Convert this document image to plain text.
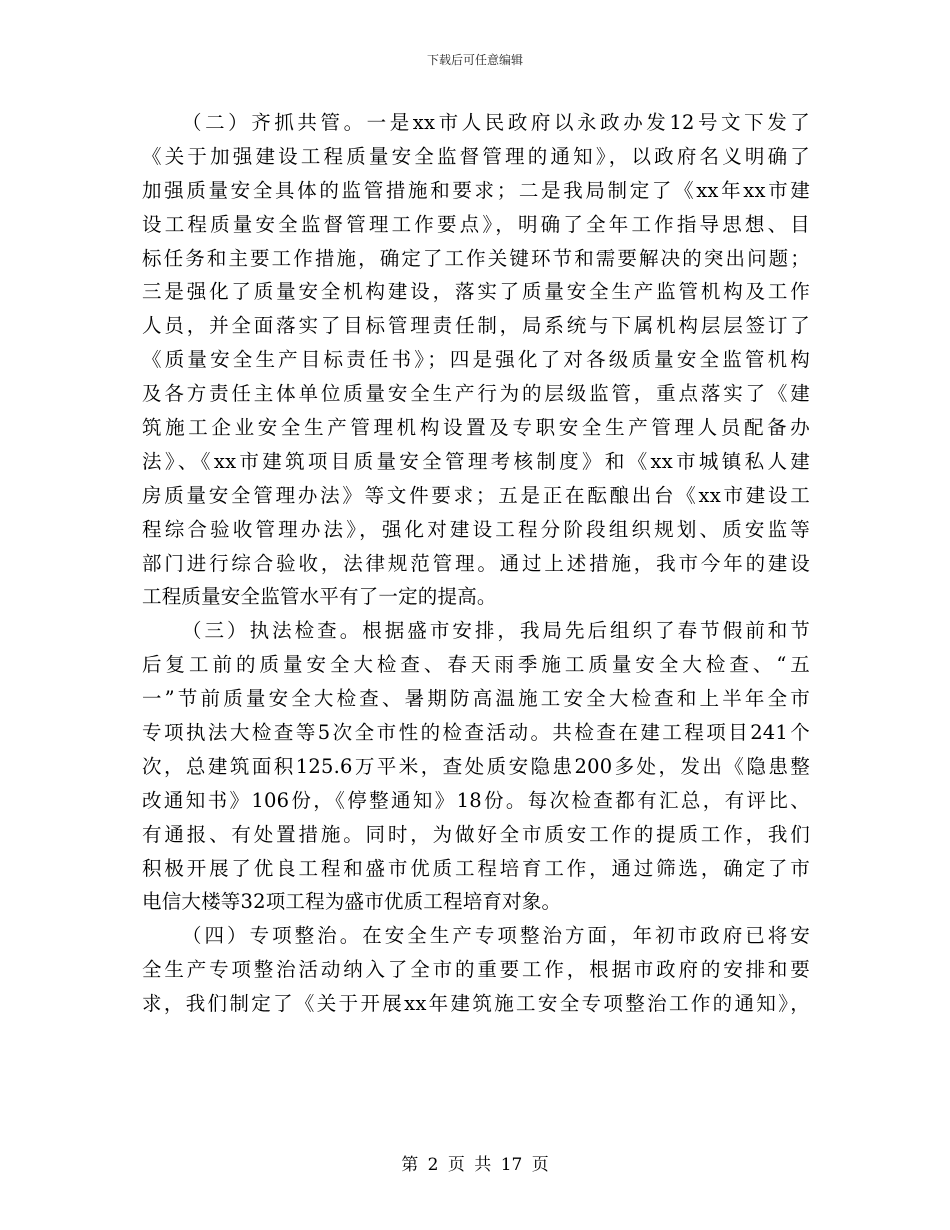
下载后可任意编辑
（二）齐抓共管。一是xx市人民政府以永政办发12号文下发了
《关于加强建设工程质量安全监督管理的通知》，以政府名义明确了
加强质量安全具体的监管措施和要求；二是我局制定了《xx年xx市建
设工程质量安全监督管理工作要点》，明确了全年工作指导思想、目
标任务和主要工作措施，确定了工作关键环节和需要解决的突出问题；
三是强化了质量安全机构建设，落实了质量安全生产监管机构及工作
人员，并全面落实了目标管理责任制，局系统与下属机构层层签订了
《质量安全生产目标责任书》；四是强化了对各级质量安全监管机构
及各方责任主体单位质量安全生产行为的层级监管，重点落实了《建
筑施工企业安全生产管理机构设置及专职安全生产管理人员配备办
法》、《xx市建筑项目质量安全管理考核制度》和《xx市城镇私人建
房质量安全管理办法》等文件要求；五是正在酝酿出台《xx市建设工
程综合验收管理办法》，强化对建设工程分阶段组织规划、质安监等
部门进行综合验收，法律规范管理。通过上述措施，我市今年的建设
工程质量安全监管水平有了一定的提高。
（三）执法检查。根据盛市安排，我局先后组织了春节假前和节
后复工前的质量安全大检查、春天雨季施工质量安全大检查、“五
一”节前质量安全大检查、暑期防高温施工安全大检查和上半年全市
专项执法大检查等5次全市性的检查活动。共检查在建工程项目241个
次，总建筑面积125.6万平米，查处质安隐患200多处，发出《隐患整
改通知书》106份，《停整通知》18份。每次检查都有汇总，有评比、
有通报、有处置措施。同时，为做好全市质安工作的提质工作，我们
积极开展了优良工程和盛市优质工程培育工作，通过筛选，确定了市
电信大楼等32项工程为盛市优质工程培育对象。
（四）专项整治。在安全生产专项整治方面，年初市政府已将安
全生产专项整治活动纳入了全市的重要工作，根据市政府的安排和要
求，我们制定了《关于开展xx年建筑施工安全专项整治工作的通知》，
第 2 页 共 17 页
